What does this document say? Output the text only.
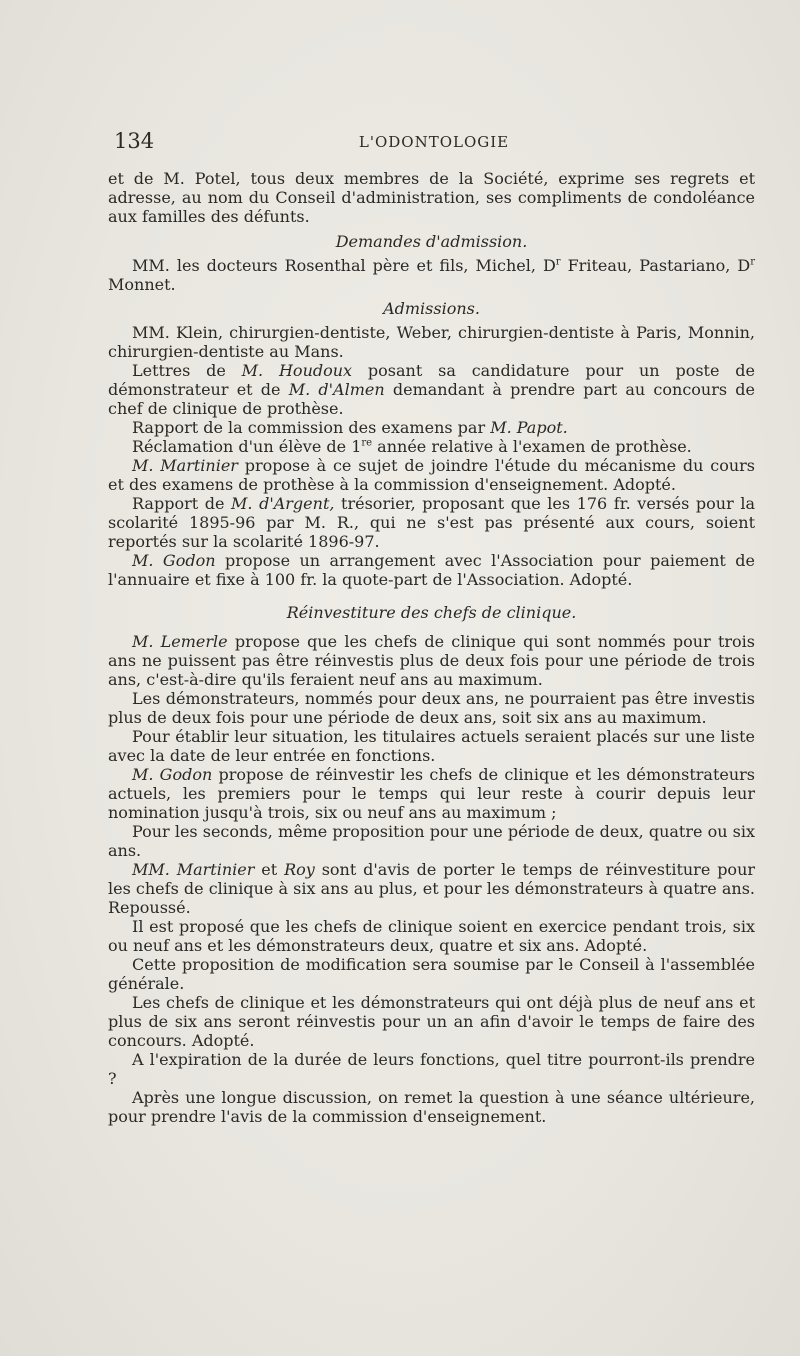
134	L'ODONTOLOGIE

et de M. Potel, tous deux membres de la Société, exprime ses regrets et adresse, au nom du Conseil d'administration, ses compliments de condoléance aux familles des défunts.

Demandes d'admission.

MM. les docteurs Rosenthal père et fils, Michel, $D^r$ Friteau, Pastariano, $D^r$ Monnet.

Admissions.

MM. Klein, chirurgien-dentiste, Weber, chirurgien-dentiste à Paris, Monnin, chirurgien-dentiste au Mans.

Lettres de M. Houdoux posant sa candidature pour un poste de démonstrateur et de M. d'Almen demandant à prendre part au concours de chef de clinique de prothèse.

Rapport de la commission des examens par M. Papot.

Réclamation d'un élève de 1re année relative à l'examen de prothèse.

M. Martinier propose à ce sujet de joindre l'étude du mécanisme du cours et des examens de prothèse à la commission d'enseignement. Adopté.

Rapport de M. d'Argent, trésorier, proposant que les 176 fr. versés pour la scolarité 1895-96 par M. R., qui ne s'est pas présenté aux cours, soient reportés sur la scolarité 1896-97.

M. Godon propose un arrangement avec l'Association pour paiement de l'annuaire et fixe à 100 fr. la quote-part de l'Association. Adopté.

Réinvestiture des chefs de clinique.

M. Lemerle propose que les chefs de clinique qui sont nommés pour trois ans ne puissent pas être réinvestis plus de deux fois pour une période de trois ans, c'est-à-dire qu'ils feraient neuf ans au maximum.

Les démonstrateurs, nommés pour deux ans, ne pourraient pas être investis plus de deux fois pour une période de deux ans, soit six ans au maximum.

Pour établir leur situation, les titulaires actuels seraient placés sur une liste avec la date de leur entrée en fonctions.

M. Godon propose de réinvestir les chefs de clinique et les démonstrateurs actuels, les premiers pour le temps qui leur reste à courir depuis leur nomination jusqu'à trois, six ou neuf ans au maximum ;

Pour les seconds, même proposition pour une période de deux, quatre ou six ans.

MM. Martinier et Roy sont d'avis de porter le temps de réinvestiture pour les chefs de clinique à six ans au plus, et pour les démonstrateurs à quatre ans. Repoussé.

Il est proposé que les chefs de clinique soient en exercice pendant trois, six ou neuf ans et les démonstrateurs deux, quatre et six ans. Adopté.

Cette proposition de modification sera soumise par le Conseil à l'assemblée générale.

Les chefs de clinique et les démonstrateurs qui ont déjà plus de neuf ans et plus de six ans seront réinvestis pour un an afin d'avoir le temps de faire des concours. Adopté.

A l'expiration de la durée de leurs fonctions, quel titre pourront-ils prendre ?

Après une longue discussion, on remet la question à une séance ultérieure, pour prendre l'avis de la commission d'enseignement.
